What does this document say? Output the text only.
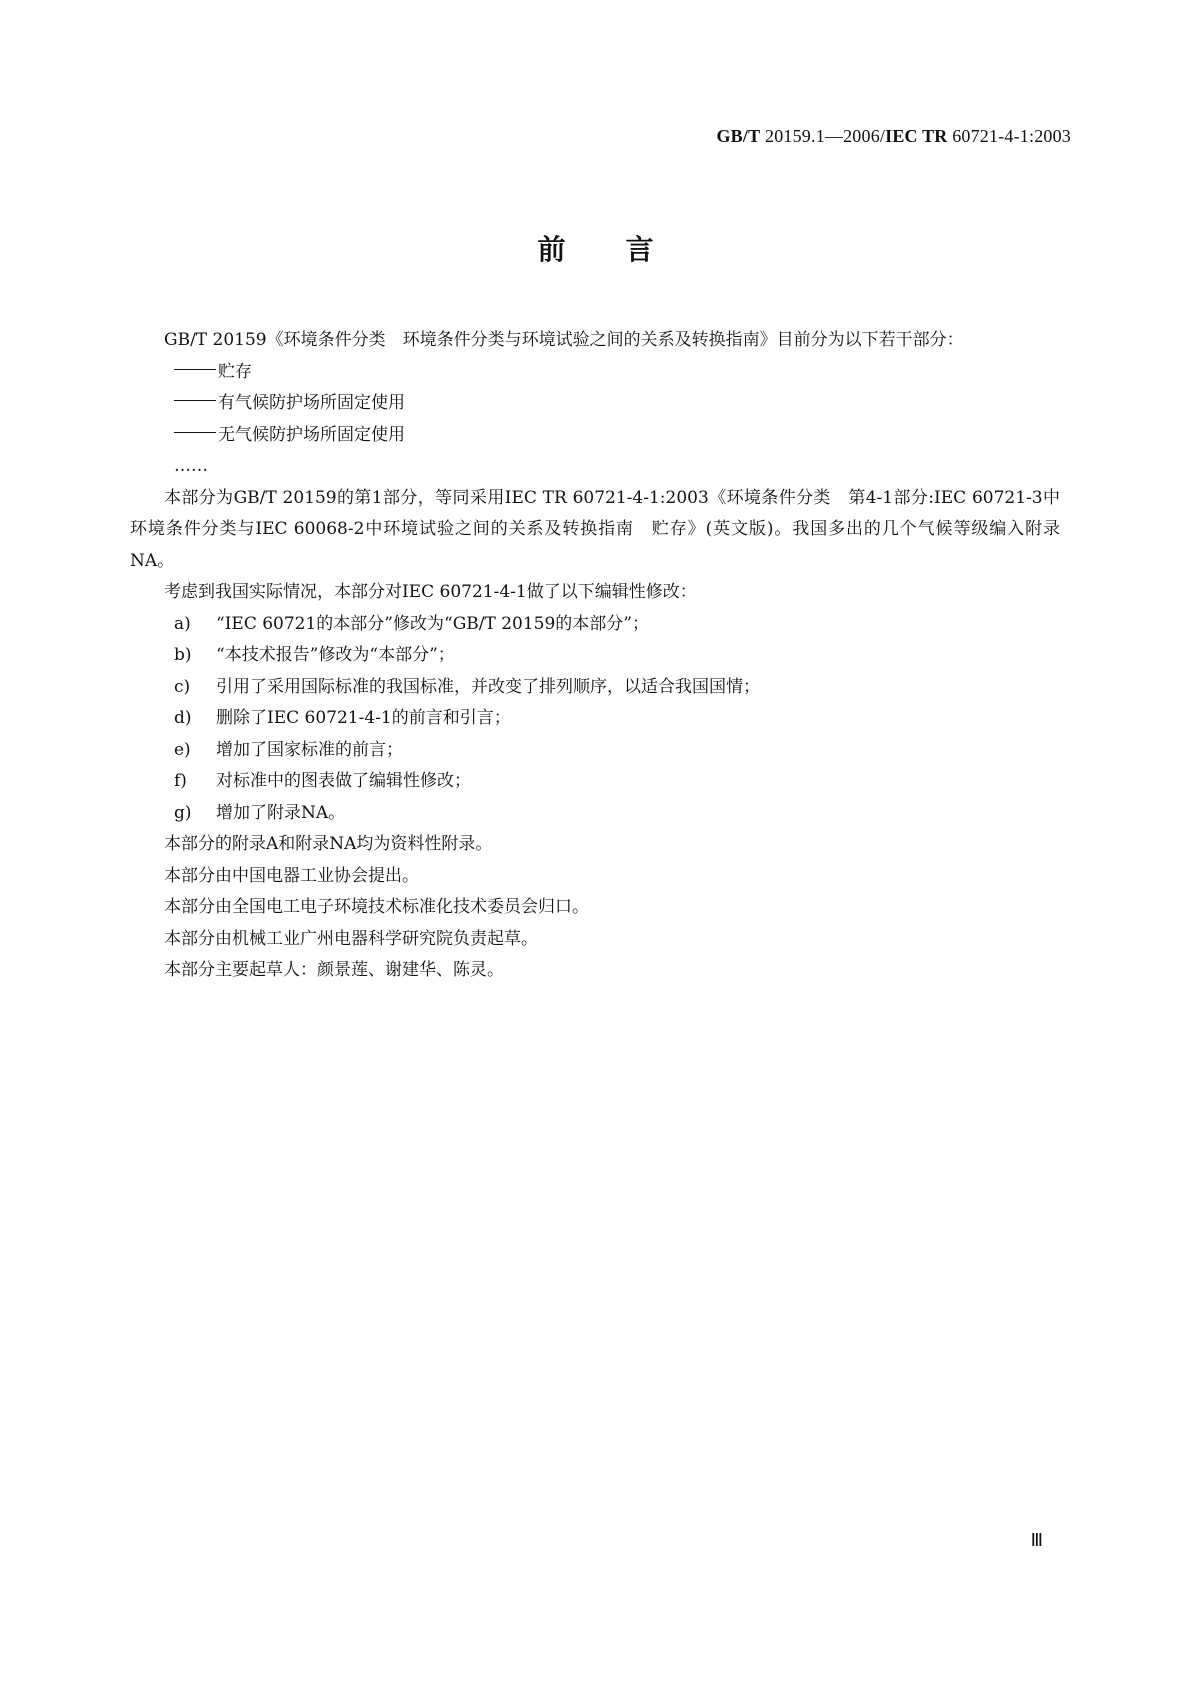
GB/T 20159.1—2006/IEC TR 60721-4-1:2003
前言

GB/T 20159《环境条件分类　环境条件分类与环境试验之间的关系及转换指南》目前分为以下若干部分：

贮存

有气候防护场所固定使用

无气候防护场所固定使用

……

本部分为GB/T 20159的第1部分，等同采用IEC TR 60721-4-1:2003《环境条件分类　第4-1部分:IEC 60721-3中环境条件分类与IEC 60068-2中环境试验之间的关系及转换指南　贮存》(英文版)。我国多出的几个气候等级编入附录NA。

考虑到我国实际情况，本部分对IEC 60721-4-1做了以下编辑性修改：

a) “IEC 60721的本部分”修改为“GB/T 20159的本部分”；

b) “本技术报告”修改为“本部分”；

c) 引用了采用国际标准的我国标准，并改变了排列顺序，以适合我国国情；

d) 删除了IEC 60721-4-1的前言和引言；

e) 增加了国家标准的前言；

f) 对标准中的图表做了编辑性修改；

g) 增加了附录NA。

本部分的附录A和附录NA均为资料性附录。

本部分由中国电器工业协会提出。

本部分由全国电工电子环境技术标准化技术委员会归口。

本部分由机械工业广州电器科学研究院负责起草。

本部分主要起草人：颜景莲、谢建华、陈灵。

Ⅲ
